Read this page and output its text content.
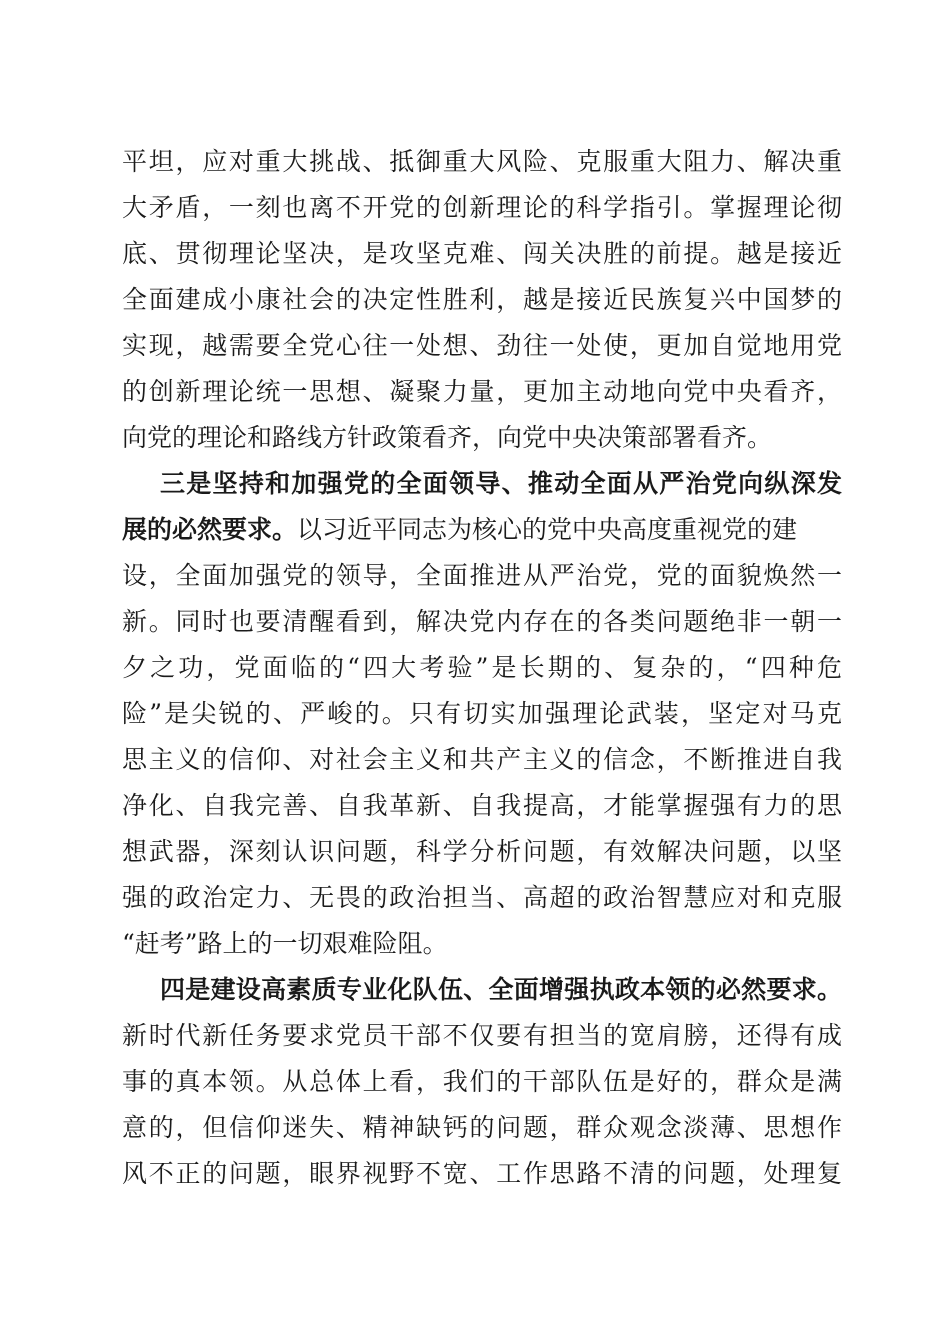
平坦，应对重大挑战、抵御重大风险、克服重大阻力、解决重
大矛盾，一刻也离不开党的创新理论的科学指引。掌握理论彻
底、贯彻理论坚决，是攻坚克难、闯关决胜的前提。越是接近
全面建成小康社会的决定性胜利，越是接近民族复兴中国梦的
实现，越需要全党心往一处想、劲往一处使，更加自觉地用党
的创新理论统一思想、凝聚力量，更加主动地向党中央看齐，
向党的理论和路线方针政策看齐，向党中央决策部署看齐。
三是坚持和加强党的全面领导、推动全面从严治党向纵深发
展的必然要求。以习近平同志为核心的党中央高度重视党的建
设，全面加强党的领导，全面推进从严治党，党的面貌焕然一
新。同时也要清醒看到，解决党内存在的各类问题绝非一朝一
夕之功，党面临的“四大考验”是长期的、复杂的，“四种危
险”是尖锐的、严峻的。只有切实加强理论武装，坚定对马克
思主义的信仰、对社会主义和共产主义的信念，不断推进自我
净化、自我完善、自我革新、自我提高，才能掌握强有力的思
想武器，深刻认识问题，科学分析问题，有效解决问题，以坚
强的政治定力、无畏的政治担当、高超的政治智慧应对和克服
“赶考”路上的一切艰难险阻。
四是建设高素质专业化队伍、全面增强执政本领的必然要求。
新时代新任务要求党员干部不仅要有担当的宽肩膀，还得有成
事的真本领。从总体上看，我们的干部队伍是好的，群众是满
意的，但信仰迷失、精神缺钙的问题，群众观念淡薄、思想作
风不正的问题，眼界视野不宽、工作思路不清的问题，处理复
